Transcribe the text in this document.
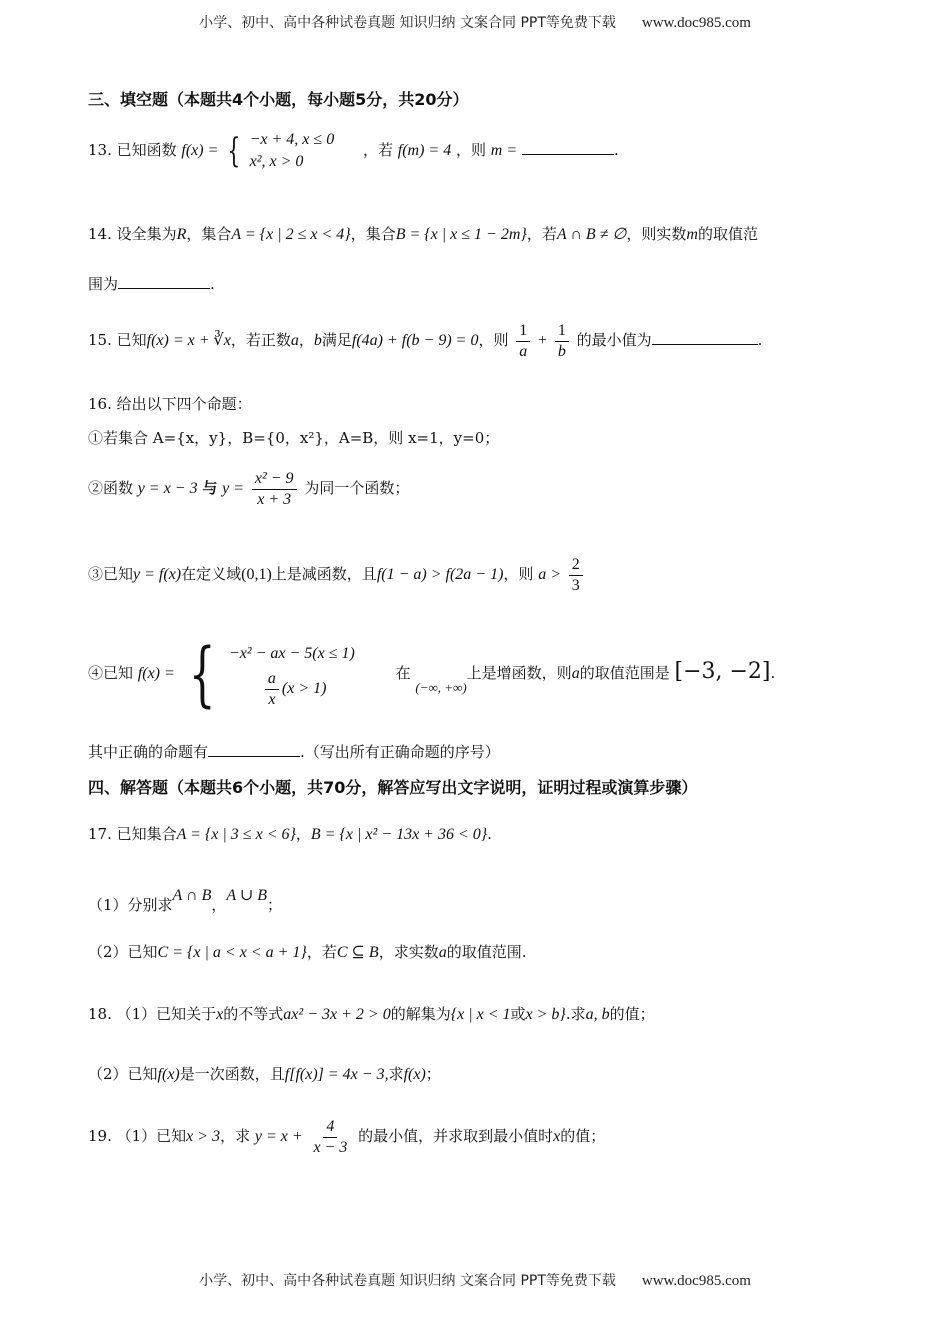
小学、初中、高中各种试卷真题 知识归纳 文案合同 PPT等免费下载 www.doc985.com
三、填空题（本题共4个小题，每小题5分，共20分）
13. 已知函数 f(x) = { −x + 4, x ≤ 0
x², x > 0
，若 f(m) = 4 ，则 m =	.
14. 设全集为R，集合A = {x | 2 ≤ x < 4}，集合B = {x | x ≤ 1 − 2m}，若A ∩ B ≠ ∅，则实数m的取值范
围为	.
15. 已知f(x) = x + ∛x，若正数a，b满足f(4a) + f(b − 9) = 0，则 $\frac{1}{a} + \frac{1}{b}$ 的最小值为	.
16. 给出以下四个命题：
①若集合 A={x，y}，B={0，x²}，A=B，则 x=1，y=0；
②函数 y = x − 3 与 $y = \frac{\text{x² − 9}}{x + 3}$ 为同一个函数；
③已知y = f(x)在定义域(0,1)上是减函数，且f(1 − a) > f(2a − 1)，则 $a > \frac{2}{3}$
④已知 f(x) = { −x² − ax − 5(x ≤ 1)
$\frac{a}{x} (x > 1)$
在 (−∞, +∞)上是增函数，则a的取值范围是 [−3, −2].
其中正确的命题有	.（写出所有正确命题的序号）
四、解答题（本题共6个小题，共70分，解答应写出文字说明，证明过程或演算步骤）
17. 已知集合A = {x | 3 ≤ x < 6}，B = {x | x² − 13x + 36 < 0}.
（1）分别求A ∩ B，A ∪ B；
（2）已知C = {x | a < x < a + 1}，若C ⊆ B，求实数a的取值范围.
18. （1）已知关于x的不等式ax² − 3x + 2 > 0的解集为{x | x < 1或x > b}.求a, b的值；
（2）已知f(x)是一次函数，且f[f(x)] = 4x − 3,求f(x)；
19. （1）已知x > 3，求 $y = x + \frac{4}{x - 3}$ 的最小值，并求取到最小值时x的值；
小学、初中、高中各种试卷真题 知识归纳 文案合同 PPT等免费下载 www.doc985.com
